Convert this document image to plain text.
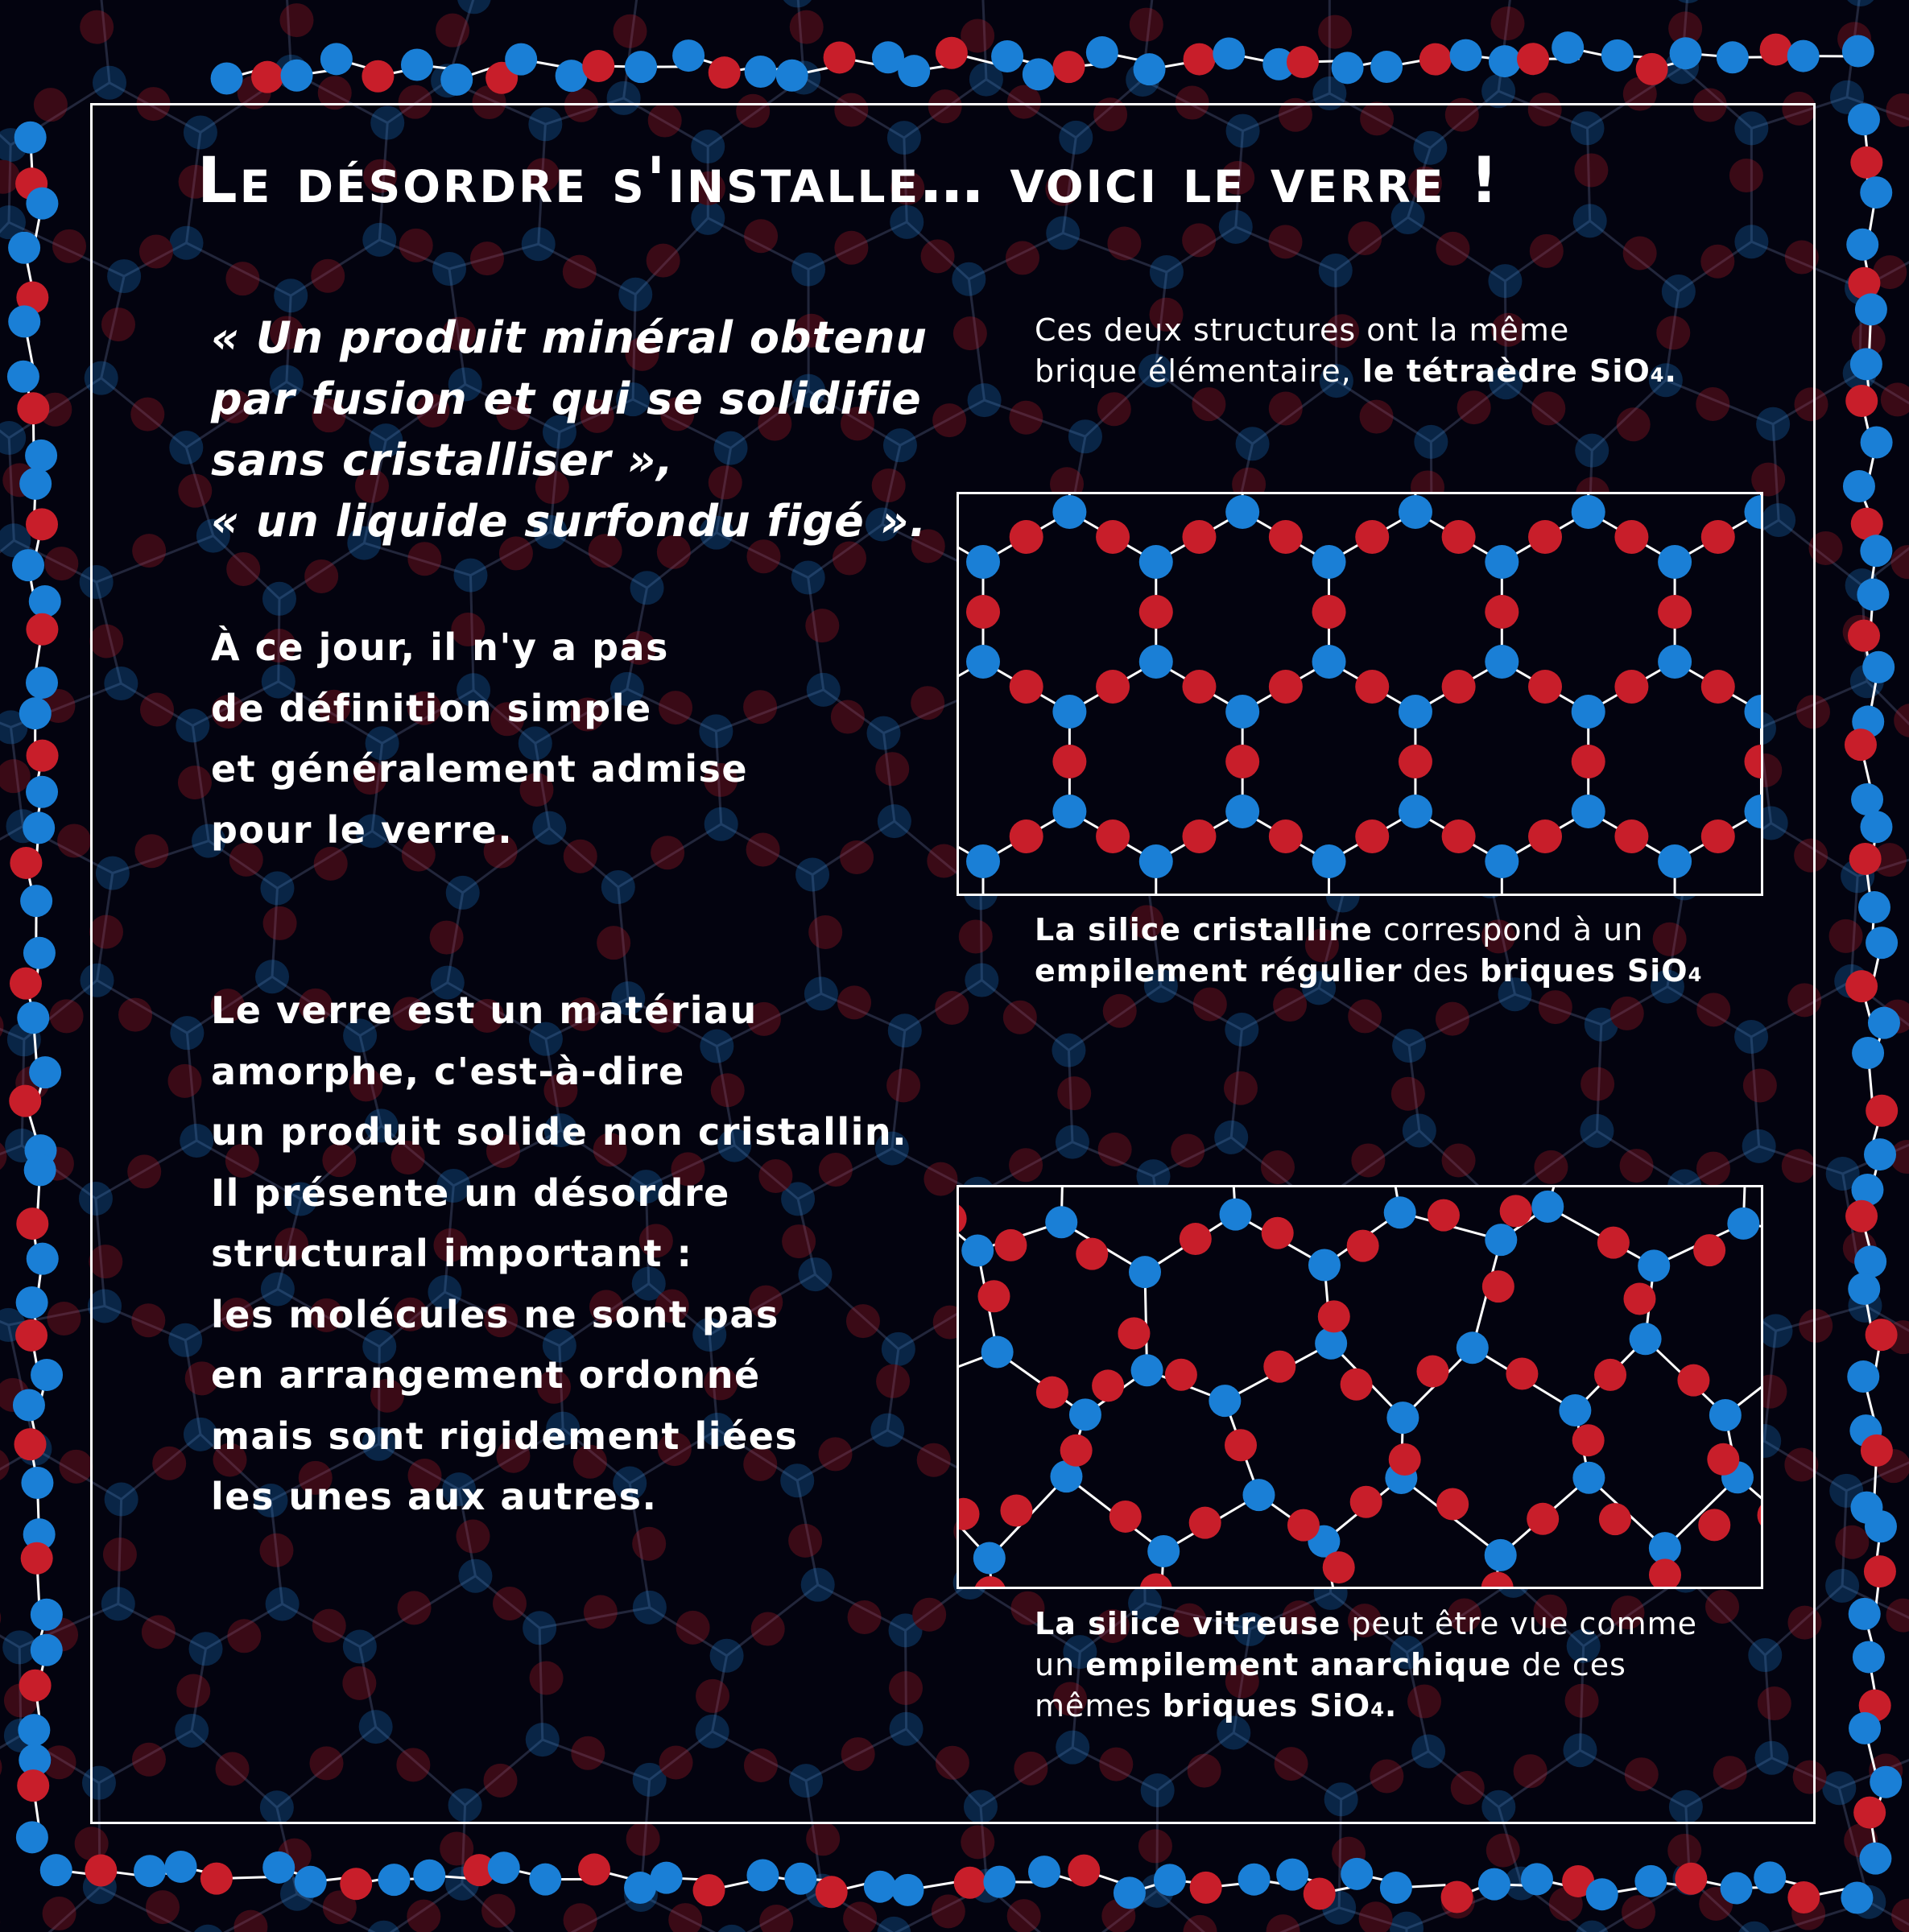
Le désordre s'installe… voici le verre !
« Un produit minéral obtenu
par fusion et qui se solidifie
sans cristalliser »,
« un liquide surfondu figé ».
À ce jour, il n'y a pas
de définition simple
et généralement admise
pour le verre.
Le verre est un matériau
amorphe, c'est-à-dire
un produit solide non cristallin.
Il présente un désordre
structural important :
les molécules ne sont pas
en arrangement ordonné
mais sont rigidement liées
les unes aux autres.
Ces deux structures ont la même
brique élémentaire, le tétraèdre SiO4.
La silice cristalline correspond à un
empilement régulier des briques SiO4
La silice vitreuse peut être vue comme
un empilement anarchique de ces
mêmes briques SiO4.
